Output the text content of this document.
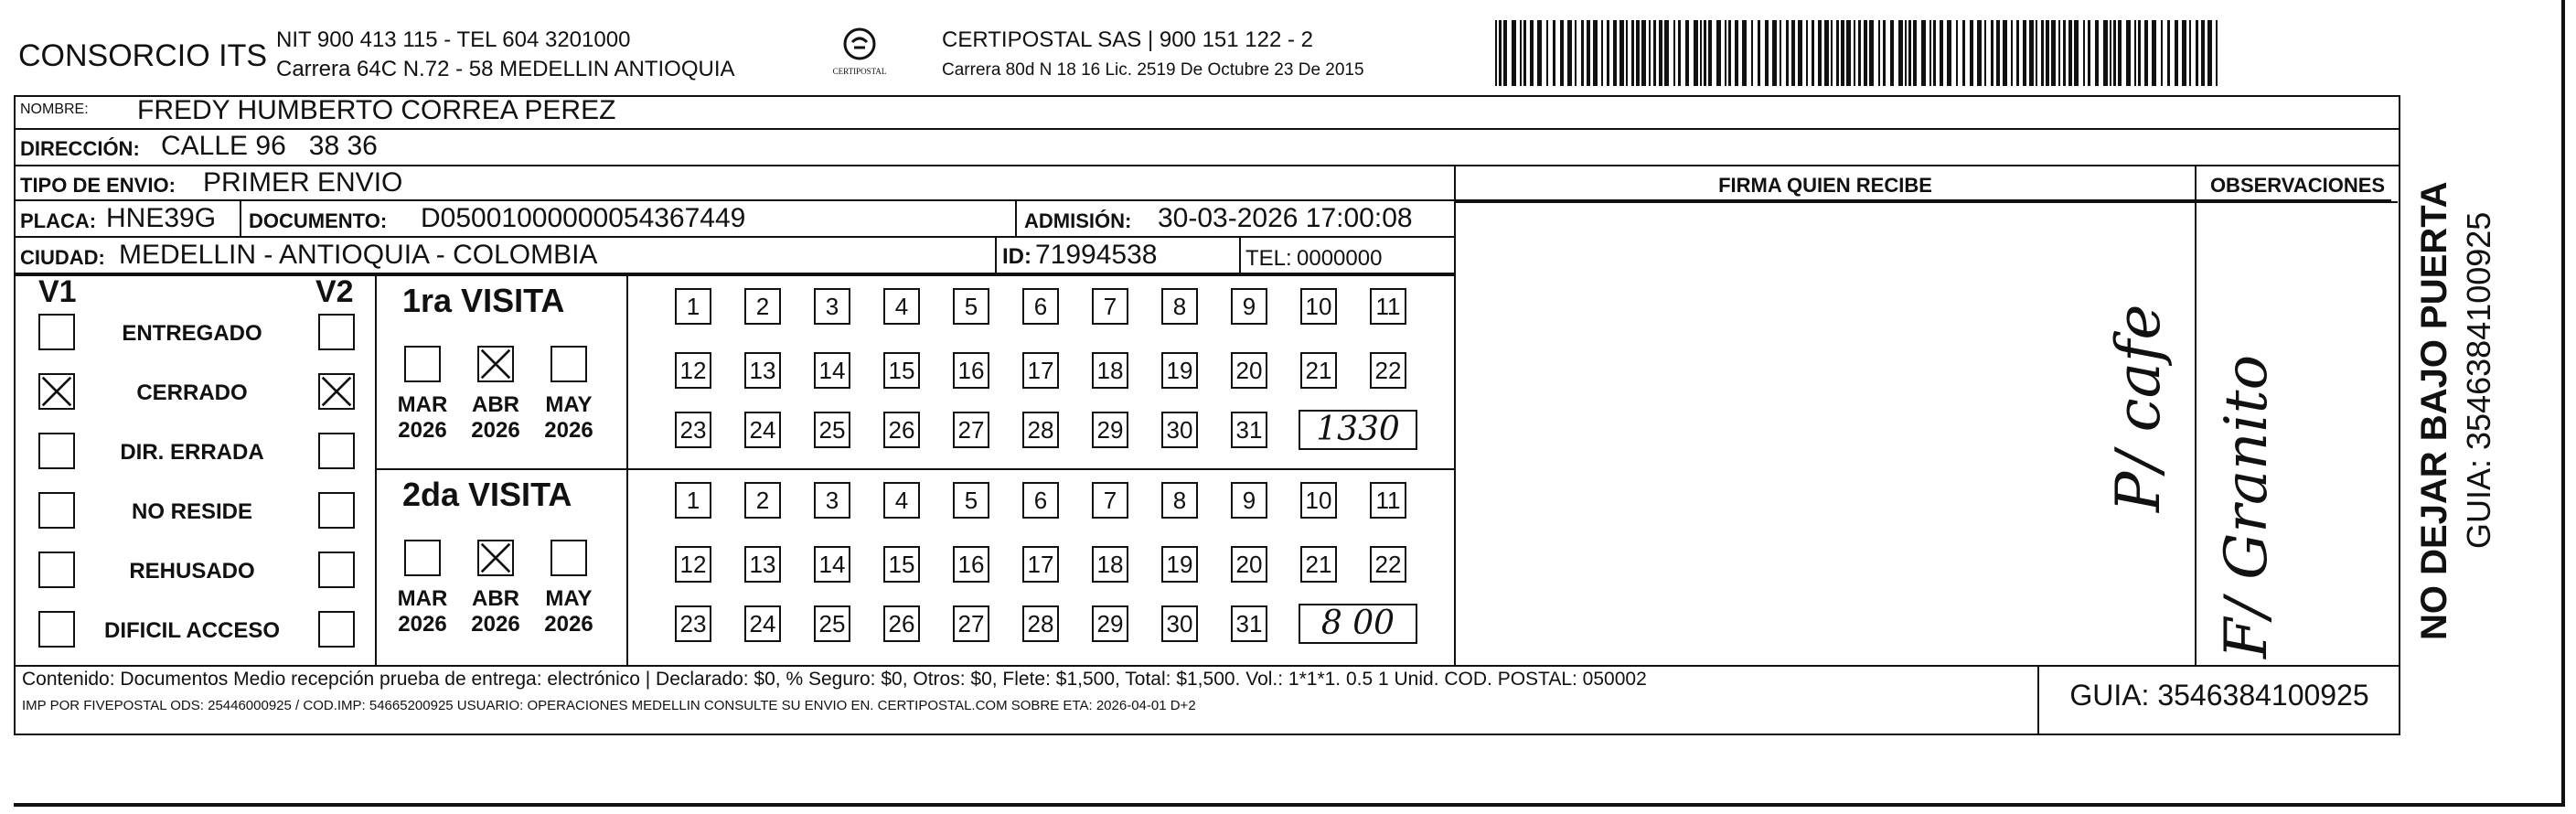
CONSORCIO ITS NIT 900 413 115 - TEL 604 3201000
Carrera 64C N.72 - 58 MEDELLIN ANTIOQUIA	CERTIPOSTAL
CERTIPOSTAL SAS | 900 151 122 - 2
Carrera 80d N 18 16 Lic. 2519 De Octubre 23 De 2015
NOMBRE: FREDY HUMBERTO CORREA PEREZ
DIRECCIÓN: CALLE 96   38 36
TIPO DE ENVIO: PRIMER ENVIO
PLACA: HNE39G DOCUMENTO: D05001000000054367449	ADMISIÓN: 30-03-2026 17:00:08
CIUDAD: MEDELLIN - ANTIOQUIA - COLOMBIA	ID: 71994538	TEL: 0000000
FIRMA QUIEN RECIBE	OBSERVACIONES
P/ cafe F/ Granito
V1	V2
ENTREGADO
CERRADO
DIR. ERRADA
NO RESIDE
REHUSADO
DIFICIL ACCESO
1ra VISITA
MAR
2026
ABR
2026
MAY
2026
1	2	3	4	5	6	7	8	9	10 11
12 13 14 15 16 17 18 19 20 21 22
23 24 25 26 27 28 29 30 31	1330
2da VISITA
MAR
2026
ABR
2026
MAY
2026
1	2	3	4	5	6	7	8	9	10 11
12 13 14 15 16 17 18 19 20 21 22
23 24 25 26 27 28 29 30 31	8 00
Contenido: Documentos Medio recepción prueba de entrega: electrónico | Declarado: $0, % Seguro: $0, Otros: $0, Flete: $1,500, Total: $1,500. Vol.: 1*1*1. 0.5 1 Unid. COD. POSTAL: 050002
IMP POR FIVEPOSTAL ODS: 25446000925 / COD.IMP: 54665200925 USUARIO: OPERACIONES MEDELLIN CONSULTE SU ENVIO EN. CERTIPOSTAL.COM SOBRE ETA: 2026-04-01 D+2	GUIA: 3546384100925
NO DEJAR BAJO PUERTA GUIA: 3546384100925
